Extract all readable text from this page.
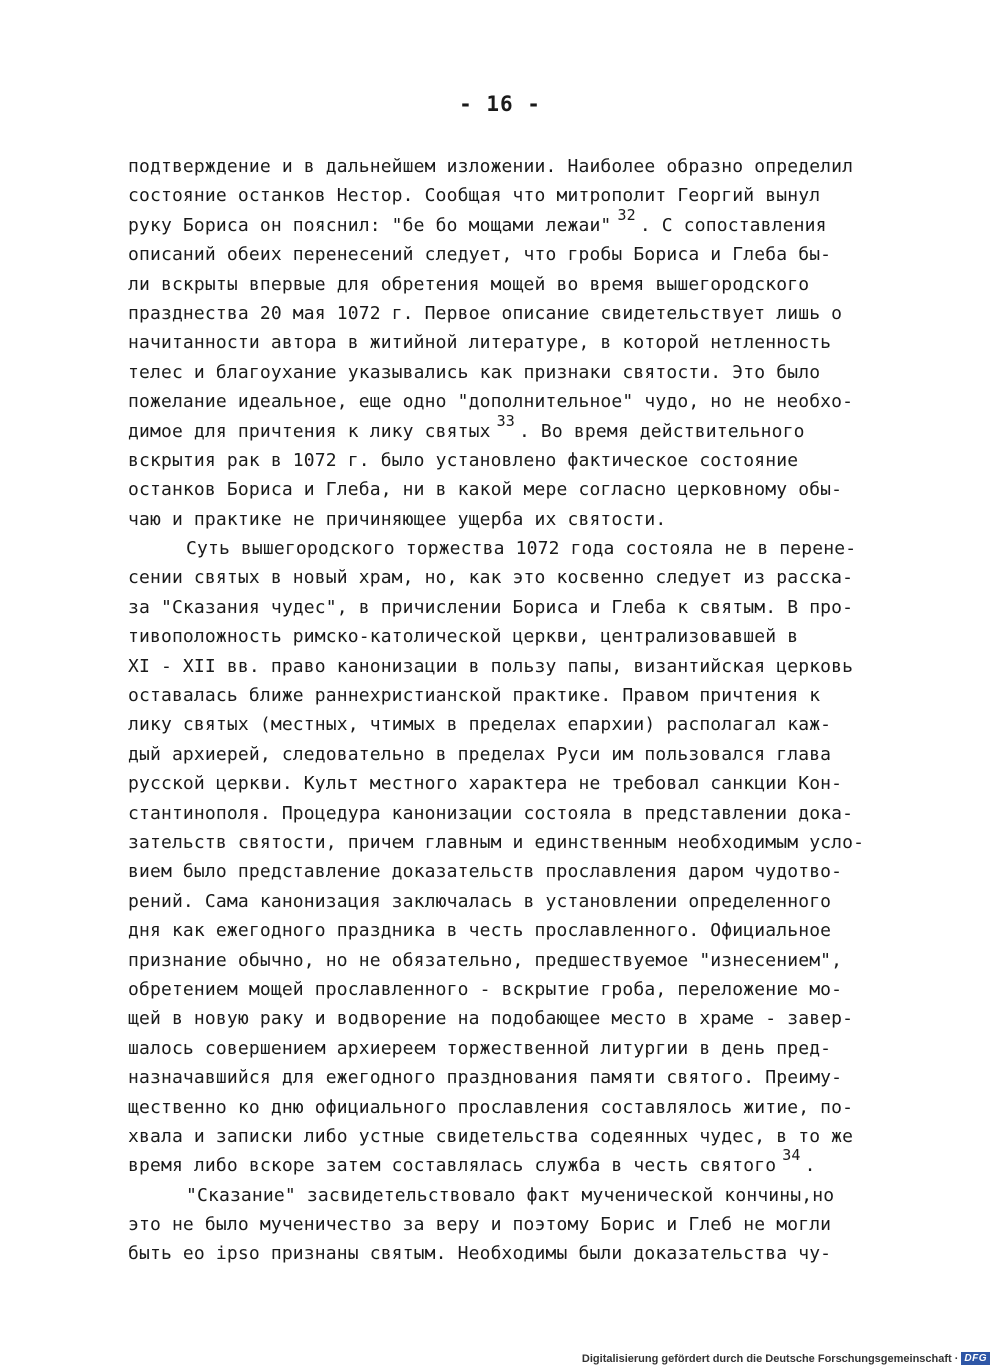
- 16 -
подтверждение и в дальнейшем изложении. Наиболее образно определил
состояние останков Нестор. Сообщая что митрополит Георгий вынул
руку Бориса он пояснил: "бе бо мощами лежаи" $^{32}$ . С сопоставления
описаний обеих перенесений следует, что гробы Бориса и Глеба бы-
ли вскрыты впервые для обретения мощей во время вышегородского
празднества 20 мая 1072 г. Первое описание свидетельствует лишь о
начитанности автора в житийной литературе, в которой нетленность
телес и благоухание указывались как признаки святости. Это было
пожелание идеальное, еще одно "дополнительное" чудо, но не необхо-
димое для причтения к лику святых $^{33}$ . Во время действительного
вскрытия рак в 1072 г. было установлено фактическое состояние
останков Бориса и Глеба, ни в какой мере согласно церковному обы-
чаю и практике не причиняющее ущерба их святости.
Суть вышегородского торжества 1072 года состояла не в перене-
сении святых в новый храм, но, как это косвенно следует из расска-
за "Сказания чудес", в причислении Бориса и Глеба к святым. В про-
тивоположность римско-католической церкви, централизовавшей в
XI - XII вв. право канонизации в пользу папы, византийская церковь
оставалась ближе раннехристианской практике. Правом причтения к
лику святых (местных, чтимых в пределах епархии) располагал каж-
дый архиерей, следовательно в пределах Руси им пользовался глава
русской церкви. Культ местного характера не требовал санкции Кон-
стантинополя. Процедура канонизации состояла в представлении дока-
зательств святости, причем главным и единственным необходимым усло-
вием было представление доказательств прославления даром чудотво-
рений. Сама канонизация заключалась в установлении определенного
дня как ежегодного праздника в честь прославленного. Официальное
признание обычно, но не обязательно, предшествуемое "изнесением",
обретением мощей прославленного - вскрытие гроба, переложение мо-
щей в новую раку и водворение на подобающее место в храме - завер-
шалось совершением архиереем торжественной литургии в день пред-
назначавшийся для ежегодного празднования памяти святого. Преиму-
щественно ко дню официального прославления составлялось житие, по-
хвала и записки либо устные свидетельства содеянных чудес, в то же
время либо вскоре затем составлялась служба в честь святого $^{34}$ .
"Сказание" засвидетельствовало факт мученической кончины,но
это не было мученичество за веру и поэтому Борис и Глеб не могли
быть eo ipso признаны святым. Необходимы были доказательства чу-
Digitalisierung gefördert durch die Deutsche Forschungsgemeinschaft · DFG
